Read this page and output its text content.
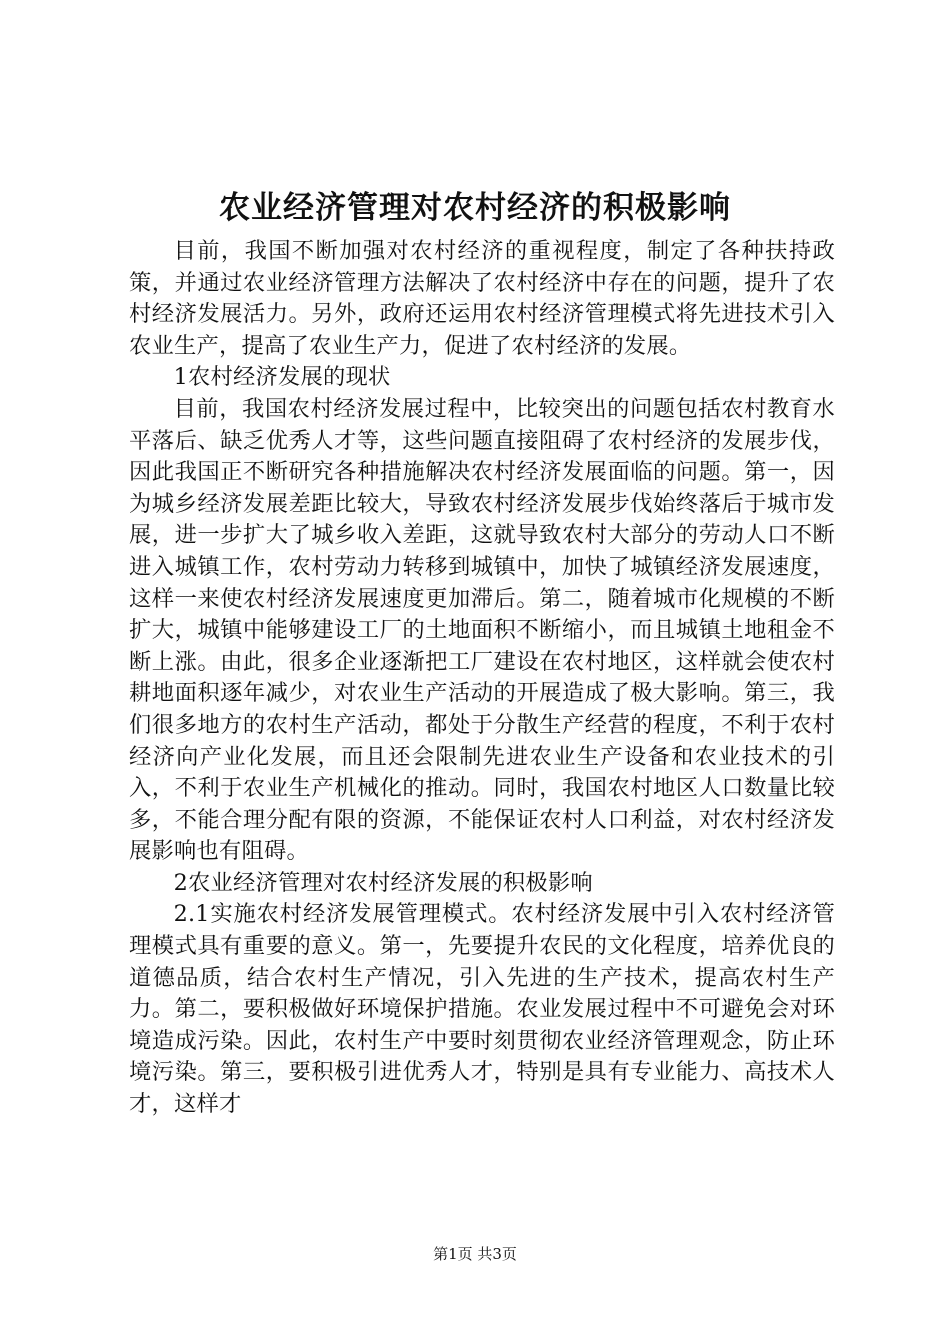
农业经济管理对农村经济的积极影响

目前，我国不断加强对农村经济的重视程度，制定了各种扶持政策，并通过农业经济管理方法解决了农村经济中存在的问题，提升了农村经济发展活力。另外，政府还运用农村经济管理模式将先进技术引入农业生产，提高了农业生产力，促进了农村经济的发展。

1农村经济发展的现状

目前，我国农村经济发展过程中，比较突出的问题包括农村教育水平落后、缺乏优秀人才等，这些问题直接阻碍了农村经济的发展步伐，因此我国正不断研究各种措施解决农村经济发展面临的问题。第一，因为城乡经济发展差距比较大，导致农村经济发展步伐始终落后于城市发展，进一步扩大了城乡收入差距，这就导致农村大部分的劳动人口不断进入城镇工作，农村劳动力转移到城镇中，加快了城镇经济发展速度，这样一来使农村经济发展速度更加滞后。第二，随着城市化规模的不断扩大，城镇中能够建设工厂的土地面积不断缩小，而且城镇土地租金不断上涨。由此，很多企业逐渐把工厂建设在农村地区，这样就会使农村耕地面积逐年减少，对农业生产活动的开展造成了极大影响。第三，我们很多地方的农村生产活动，都处于分散生产经营的程度，不利于农村经济向产业化发展，而且还会限制先进农业生产设备和农业技术的引入，不利于农业生产机械化的推动。同时，我国农村地区人口数量比较多，不能合理分配有限的资源，不能保证农村人口利益，对农村经济发展影响也有阻碍。

2农业经济管理对农村经济发展的积极影响

2.1实施农村经济发展管理模式。农村经济发展中引入农村经济管理模式具有重要的意义。第一，先要提升农民的文化程度，培养优良的道德品质，结合农村生产情况，引入先进的生产技术，提高农村生产力。第二，要积极做好环境保护措施。农业发展过程中不可避免会对环境造成污染。因此，农村生产中要时刻贯彻农业经济管理观念，防止环境污染。第三，要积极引进优秀人才，特别是具有专业能力、高技术人才，这样才

第1页 共3页
